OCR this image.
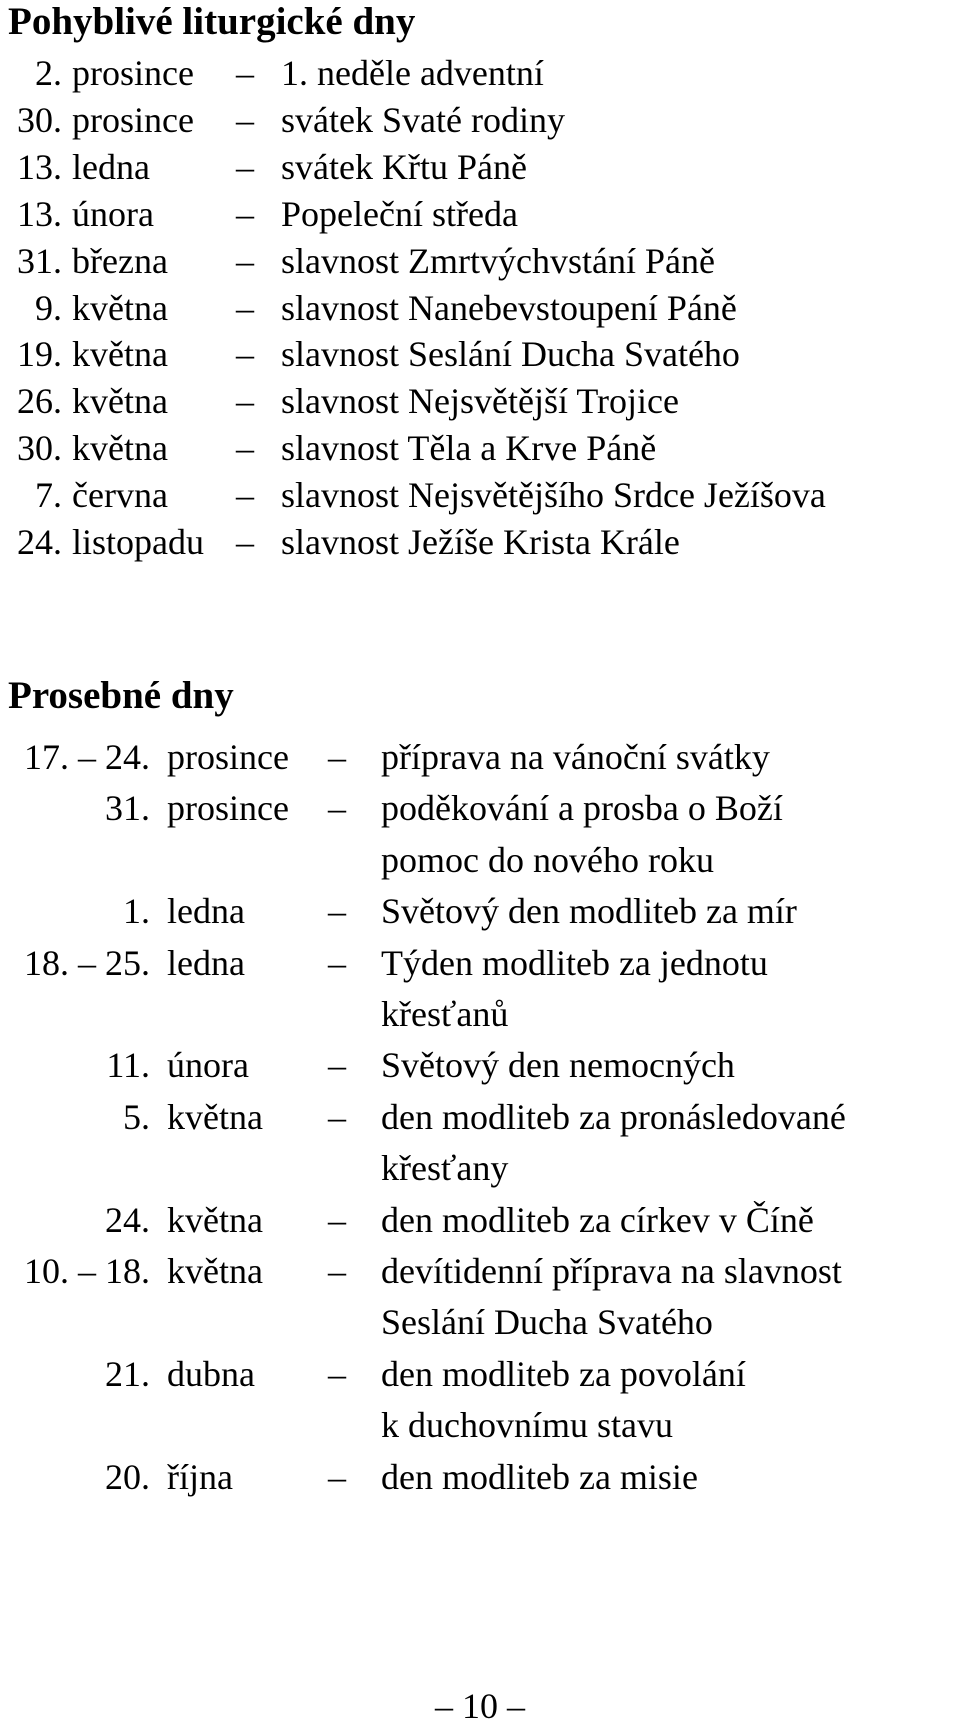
Pohyblivé liturgické dny
2. prosince – 1. neděle adventní
30. prosince – svátek Svaté rodiny
13. ledna – svátek Křtu Páně
13. února – Popeleční středa
31. března – slavnost Zmrtvýchvstání Páně
9. května – slavnost Nanebevstoupení Páně
19. května – slavnost Seslání Ducha Svatého
26. května – slavnost Nejsvětější Trojice
30. května – slavnost Těla a Krve Páně
7. června – slavnost Nejsvětějšího Srdce Ježíšova
24. listopadu – slavnost Ježíše Krista Krále
Prosebné dny
17. – 24. prosince – příprava na vánoční svátky
31. prosince – poděkování a prosba o Boží
pomoc do nového roku
1. ledna – Světový den modliteb za mír
18. – 25. ledna – Týden modliteb za jednotu
křesťanů
11. února – Světový den nemocných
5. května – den modliteb za pronásledované
křesťany
24. května – den modliteb za církev v Číně
10. – 18. května – devítidenní příprava na slavnost
Seslání Ducha Svatého
21. dubna – den modliteb za povolání
k duchovnímu stavu
20. října	– den modliteb za misie
– 10 –
